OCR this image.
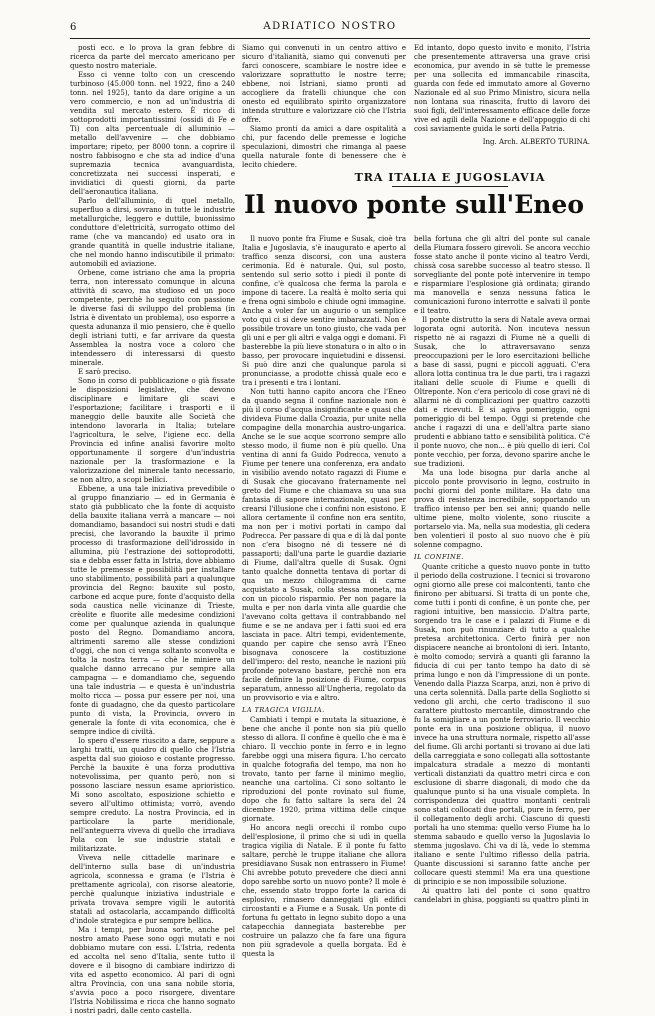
6	ADRIATICO NOSTRO

posti ecc. e lo prova la gran febbre di ricerca da parte del mercato americano per questo nostro materiale.

Esso ci venne tolto con un crescendo turbinoso (45.000 tonn. nel 1922, fino a 240 tonn. nel 1925), tanto da dare origine a un vero commercio, e non ad un'industria di vendita sul mercato estero. È ricco di sottoprodotti importantissimi (ossidi di Fe e Ti) con alta percentuale di alluminio — metallo dell'avvenire — che dobbiamo importare; ripeto, per 8000 tonn. a coprire il nostro fabbisogno e che sta ad indice d'una supremazia tecnica avanguardista, concretizzata nei successi insperati, e invidiatici di questi giorni, da parte dell'aeronautica italiana.

Parlo dell'alluminio, di quel metallo, superfluo a dirsi, sovrano in tutte le industrie metallurgiche, leggero e duttile, buonissimo conduttore d'elettricità, surrogato ottimo del rame (che va mancando) ed usato ora in grande quantità in quelle industrie italiane, che nel mondo hanno indiscutibile il primato: automobili ed aviazione.

Orbene, come istriano che ama la propria terra, non interessato comunque in alcuna attività di scavo, ma studioso ed un poco competente, perchè ho seguito con passione le diverse fasi di sviluppo del problema (in Istria è diventato un problema), oso esporre a questa adunanza il mio pensiero, che è quello degli istriani tutti, e far arrivare da questa Assemblea la nostra voce a coloro che intendessero di interessarsi di questo minerale.

E sarò preciso.

Sono in corso di pubblicazione o già fissate le disposizioni legislative, che devono disciplinare e limitare gli scavi e l'esportazione; facilitare i trasporti e il maneggio delle bauxite alle Società che intendono lavorarla in Italia; tutelare l'agricoltura, le selve, l'igiene ecc. della Provincia ed infine analisi favorire molto opportunamente il sorgere d'un'industria nazionale per la trasformazione e la valorizzazione del minerale tanto necessario, se non altro, a scopi bellici.

Ebbene, a una tale iniziativa prevedibile o al gruppo finanziario — ed in Germania è stato già pubblicato che la fonte di acquisto della bauxite italiana verrà a mancare — noi domandiamo, basandoci sui nostri studi e dati precisi, che lavorando la bauxite il primo processo di trasformazione dell'idrossido in allumina, più l'estrazione dei sottoprodotti, sia e debba esser fatta in Istria, dove abbiamo tutte le premesse e possibilità per installare uno stabilimento, possibilità pari a qualunque provincia del Regno: bauxite sul posto, carbone ed acque pure, fonte d'acquisto della soda caustica nelle vicinanze di Trieste, crèolite e fluorite alle medesime condizioni come per qualunque azienda in qualunque posto del Regno. Domandiamo ancora, altrimenti saremo alle stesse condizioni d'oggi, che non ci venga soltanto sconvolta e tolta la nostra terra — chè le miniere un qualche danno arrecano pur sempre alla campagna — e domandiamo che, seguendo una tale industria — e questa è un'industria molto ricca — possa pur essere per noi, una fonte di guadagno, che da questo particolare punto di vista, la Provincia, ovvero in generale la fonte di vita economica, che è sempre indice di civiltà.

Io spero d'essere riuscito a dare, seppure a larghi tratti, un quadro di quello che l'Istria aspetta dal suo gioioso e costante progresso. Perchè la bauxite è una forza produttiva notevolissima, per quanto però, non si possono lasciare nessun esame aprioristico. Mi sono ascoltato, esposizione schietto e severo all'ultimo ottimista; vorrò, avendo sempre creduto. La nostra Provincia, ed in particolare la parte meridionale, nell'anteguerra viveva di quello che irradiava Pola con le sue industrie statali e militarizzate.

Viveva nelle cittadelle marinare e dell'interno sulla base di un'industria agricola, sconnessa e grama (e l'Istria è prettamente agricola), con risorse aleatorie, perchè qualunque iniziativa industriale e privata trovava sempre vigili le autorità statali ad ostacolarla, accampando difficoltà d'indole strategica e pur sempre bellica.

Ma i tempi, per buona sorte, anche pel nostro amato Paese sono oggi mutati e noi dobbiamo mutare con essi. L'Istria, redenta ed accolta nel seno d'Italia, sente tutto il dovere e il bisogno di cambiare indirizzo di vita ed aspetto economico. Al pari di ogni altra Provincia, con una sana nobile storia, s'avvia poco a poco risorgere, diventare l'Istria Nobilissima e ricca che hanno sognato i nostri padri, dalle cento castella.

Siamo qui convenuti in un centro attivo e sicuro d'italianità, siamo qui convenuti per farci conoscere, scambiare le nostre idee e valorizzare soprattutto le nostre terre; ebbene, noi Istriani, siamo pronti ad accogliere da fratelli chiunque che con onesto ed equilibrato spirito organizzatore intenda strutture e valorizzare ciò che l'Istria offre.

Siamo pronti da amici a dare ospitalità a chi, pur facendo delle premesse e logiche speculazioni, dimostri che rimanga al paese quella naturale fonte di benessere che è lecito chiedere.

Ed intanto, dopo questo invito e monito, l'Istria che presentemente attraversa una grave crisi economica, pur avendo in sè tutte le premesse per una sollecita ed immancabile rinascita, guarda con fede ed immutato amore al Governo Nazionale ed al suo Primo Ministro, sicura nella non lontana sua rinascita, frutto di lavoro dei suoi figli, dell'interessamento efficace delle forze vive ed agili della Nazione e dell'appoggio di chi così saviamente guida le sorti della Patria.

Ing. Arch. ALBERTO TURINA.

TRA ITALIA E JUGOSLAVIA
Il nuovo ponte sull'Eneo

Il nuovo ponte fra Fiume e Susak, cioè tra Italia e Jugoslavia, s'è inaugurato e aperto al traffico senza discorsi, con una austera cerimonia. Ed è naturale. Qui, sul posto, sentendo sul serio sotto i piedi il ponte di confine, c'è qualcosa che ferma la parola e impone di tacere. La realtà è molto seria qui e frena ogni simbolo e chiude ogni immagine. Anche a voler far un augurio o un semplice voto qui ci si deve sentire imbarazzati. Non è possibile trovare un tono giusto, che vada per gli uni e per gli altri e valga oggi e domani. Fi basterebbe la più lieve stonatura o in alto o in basso, per provocare inquietudini e dissensi. Si può dire anzi che qualunque parola si pronunciasse, a prodotte chissà quale eco e tra i presenti e tra i lontani.

Non tutti hanno capito ancora che l'Eneo da quando segna il confine nazionale non è più il corso d'acqua insignificante e quasi che divideva Fiume dalla Croazia, pur unite nella compagine della monarchia austro-ungarica. Anche se le sue acque scorrono sempre allo stesso modo, il fiume non è più quello. Una ventina di anni fa Guido Podrecca, venuto a Fiume per tenere una conferenza, era andato in visibilio avendo notato ragazzi di Fiume e di Susak che giocavano fraternamente nel greto del Fiume e che chiamava su una sua fantasia di sapore internazionale, quasi per crearsi l'illusione che i confini non esistono. E allora certamente il confine non era sentito, ma non per i motivi portati in campo dal Podrecca. Per passare di qua e di là dal ponte non c'era bisogno né di tessere né di passaporti; dall'una parte le guardie daziarie di Fiume, dall'altra quelle di Susak. Ogni tanto qualche donnetta tentava di portar di qua un mezzo chilogramma di carne acquistato a Susak, colla stessa moneta, ma con un piccolo risparmio. Per non pagare la multa e per non darla vinta alle guardie che l'avevano colta gettava il contrabbando nel fiume e se ne andava per i fatti suoi ed era lasciata in pace. Altri tempi, evidentemente, quando per capire che senso avrà l'Eneo bisognava conoscere la costituzione dell'impero: del resto, neanche le nazioni più profonde potevano bastare, perchè non era facile definire la posizione di Fiume, corpus separatum, annesso all'Ungheria, regolato da un provvisorio e via e altro.

LA TRAGICA VIGILIA.

Cambiati i tempi e mutata la situazione, è bene che anche il ponte non sia più quello stesso di allora. Il confine è quello che è ma è chiaro. Il vecchio ponte in ferro e in legno farebbe oggi una misera figura. L'ho cercato in qualche fotografia del tempo, ma non ho trovato, tanto per farne il minimo meglio, neanche una cartolina. Ci sono soltanto le riproduzioni del ponte rovinato sul fiume, dopo che fu fatto saltare la sera del 24 dicembre 1920, prima vittima delle cinque giornate.

Ho ancora negli orecchi il rombo cupo dell'esplosione, il primo che si udì in quella tragica vigilia di Natale. E il ponte fu fatto saltare, perchè le truppe italiane che allora presidiavano Susak non entrassero in Fiume! Chi avrebbe potuto prevedere che dieci anni dopo sarebbe sorto un nuovo ponte? Il mole è che, essendo stato troppo forte la carica di esplosivo, rimasero danneggiati gli edifici circostanti e a Fiume e a Susak. Un ponte di fortuna fu gettato in legno subito dopo a una catapecchia dannegiata basterebbe per costruire un palazzo che fa fare una figura non più sgradevole a quella borgata. Ed è questa la

bella fortuna che gli altri del ponte sul canale della Fiumara fossero girevoli. Se ancora vecchio fosse stato anche il ponte vicino al teatro Verdi, chissà cosa sarebbe successo al teatro stesso. Il sorvegliante del ponte potè intervenire in tempo e risparmiare l'esplosione già ordinata; girando ma manovella e senza nessuna fatica le comunicazioni furono interrotte e salvati il ponte e il teatro.

Il ponte distrutto la sera di Natale aveva ormai logorata ogni autorità. Non incuteva nessun rispetto nè ai ragazzi di Fiume nè a quelli di Susak, che lo attraversavano senza preoccupazioni per le loro esercitazioni belliche a base di sassi, pugni e piccoli agguati. C'era allora lotta continua tra le due parti, tra i ragazzi italiani delle scuole di Fiume e quelli di Oltreponte. Non c'era pericolo di cose gravi nè di allarmi nè di complicazioni per quattro cazzotti dati e ricevuti. E si agiva pomeriggio, ogni pomeriggio di bel tempo. Oggi si pretende che anche i ragazzi di una e dell'altra parte siano prudenti e abbiano tatto e sensibilità politica. C'è il ponte nuovo, che non... è più quello di ieri. Col ponte vecchio, per forza, devono sparire anche le sue tradizioni.

Ma una lode bisogna pur darla anche al piccolo ponte provvisorio in legno, costruito in pochi giorni del ponte militare. Ha dato una prova di resistenza incredibile, sopportando un traffico intenso per ben sei anni; quando nelle ultime piene, molto violente, sono riuscite a portarselo via. Ma, nella sua modestia, gli cedera ben volentieri il posto al suo nuovo che è più solenne compagno.

IL CONFINE.

Quante critiche a questo nuovo ponte in tutto il periodo della costruzione. I tecnici si trovarono ogni giorno alle prese coi malcontenti, tanto che finirono per abituarsi. Si tratta di un ponte che, come tutti i ponti di confine, è un ponte che, per ragioni intuitive, ben massiccio. D'altra parte, sorgendo tra le case e i palazzi di Fiume e di Susak, non può rinunziare di tutto a qualche pretesa architettonica. Certo finirà per non dispiacere neanche ai brontoloni di ieri. Intanto, è molto comodo; servirà a quanti gli faranno la fiducia di cui per tanto tempo ha dato di sè prima lungo e non dà l'impressione di un ponte. Venendo dalla Piazza Scarpa, anzi, non è privo di una certa solennità. Dalla parte della Sogliotto si vedono gli archi, che certo tradiscono il suo carattere piuttosto mercantile, dimostrando che fu la somigliare a un ponte ferroviario. Il vecchio ponte era in una posizione obliqua, il nuovo invece ha una struttura normale, rispetto all'asse del fiume. Gli archi portanti si trovano ai due lati della carreggiata e sono collegati alla sottostante impalcatura stradale a mezzo di montanti verticali distanziati da quattro metri circa e con esclusione di sbarre diagonali, di modo che da qualunque punto si ha una visuale completa. In corrispondenza dei quattro montanti centrali sono stati collocati due portali, pure in ferro, per il collegamento degli archi. Ciascuno di questi portali ha uno stemma: quello verso Fiume ha lo stemma sabaudo e quello verso la Jugoslavia lo stemma jugoslavo. Chi va di là, vede lo stemma italiano e sente l'ultimo riflesso della patria. Quante discussioni si saranno fatte anche per collocare questi stemmi! Ma era una questione di principio e se non impossibile soluzione.

Ai quattro lati del ponte ci sono quattro candelabri in ghisa, poggianti su quattro plinti in
